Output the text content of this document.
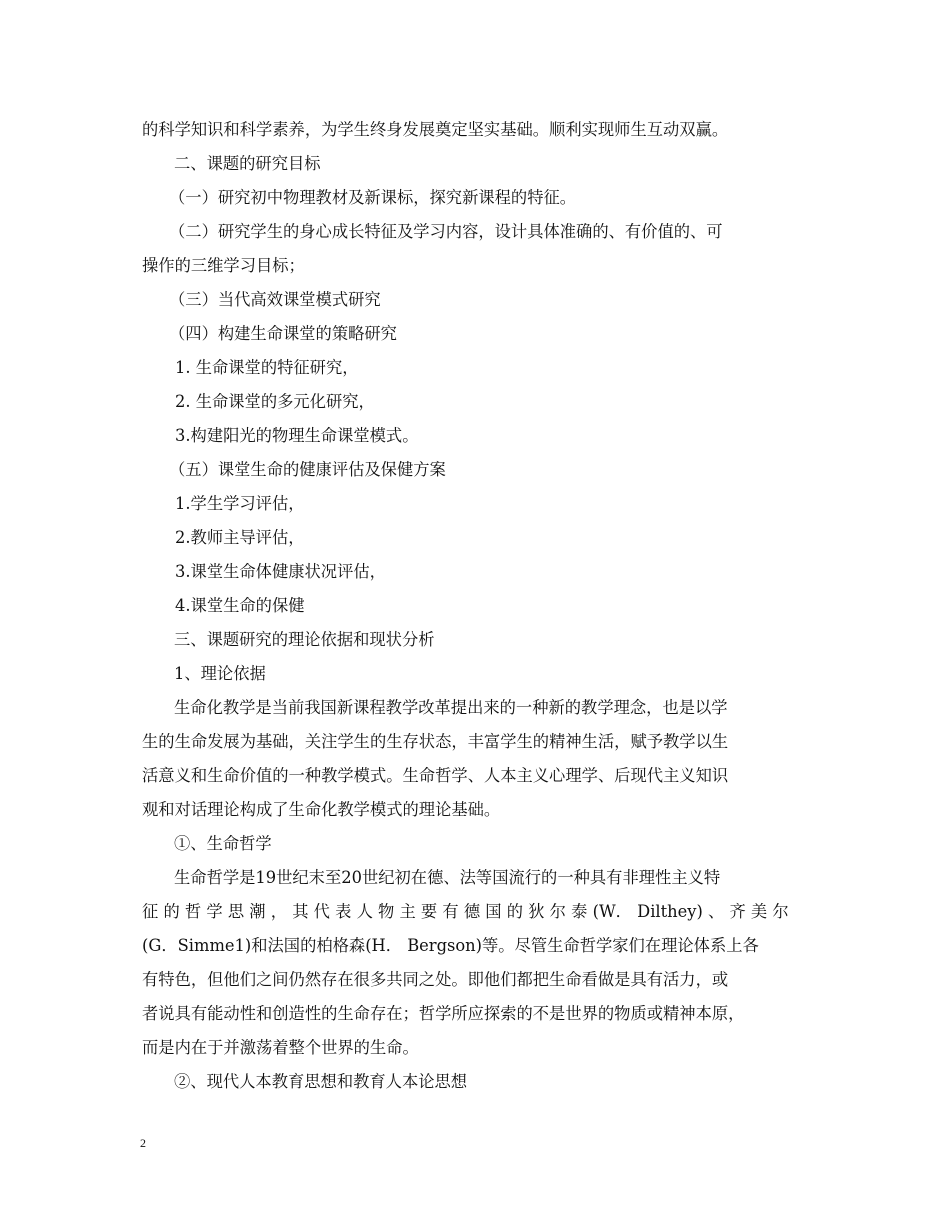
的科学知识和科学素养，为学生终身发展奠定坚实基础。顺利实现师生互动双赢。
二、课题的研究目标
（一）研究初中物理教材及新课标，探究新课程的特征。
（二）研究学生的身心成长特征及学习内容，设计具体准确的、有价值的、可
操作的三维学习目标；
（三）当代高效课堂模式研究
（四）构建生命课堂的策略研究
1. 生命课堂的特征研究，
2. 生命课堂的多元化研究，
3.构建阳光的物理生命课堂模式。
（五）课堂生命的健康评估及保健方案
1.学生学习评估，
2.教师主导评估，
3.课堂生命体健康状况评估，
4.课堂生命的保健
三、课题研究的理论依据和现状分析
1、理论依据
生命化教学是当前我国新课程教学改革提出来的一种新的教学理念，也是以学
生的生命发展为基础，关注学生的生存状态，丰富学生的精神生活，赋予教学以生
活意义和生命价值的一种教学模式。生命哲学、人本主义心理学、后现代主义知识
观和对话理论构成了生命化教学模式的理论基础。
①、生命哲学
生命哲学是19世纪末至20世纪初在德、法等国流行的一种具有非理性主义特
征 的 哲 学 思 潮 ， 其 代 表 人 物 主 要 有 德 国 的 狄 尔 泰 (W． Dilthey) 、 齐 美 尔
(G．Simme1)和法国的柏格森(H． Bergson)等。尽管生命哲学家们在理论体系上各
有特色，但他们之间仍然存在很多共同之处。即他们都把生命看做是具有活力，或
者说具有能动性和创造性的生命存在；哲学所应探索的不是世界的物质或精神本原，
而是内在于并激荡着整个世界的生命。
②、现代人本教育思想和教育人本论思想
2
